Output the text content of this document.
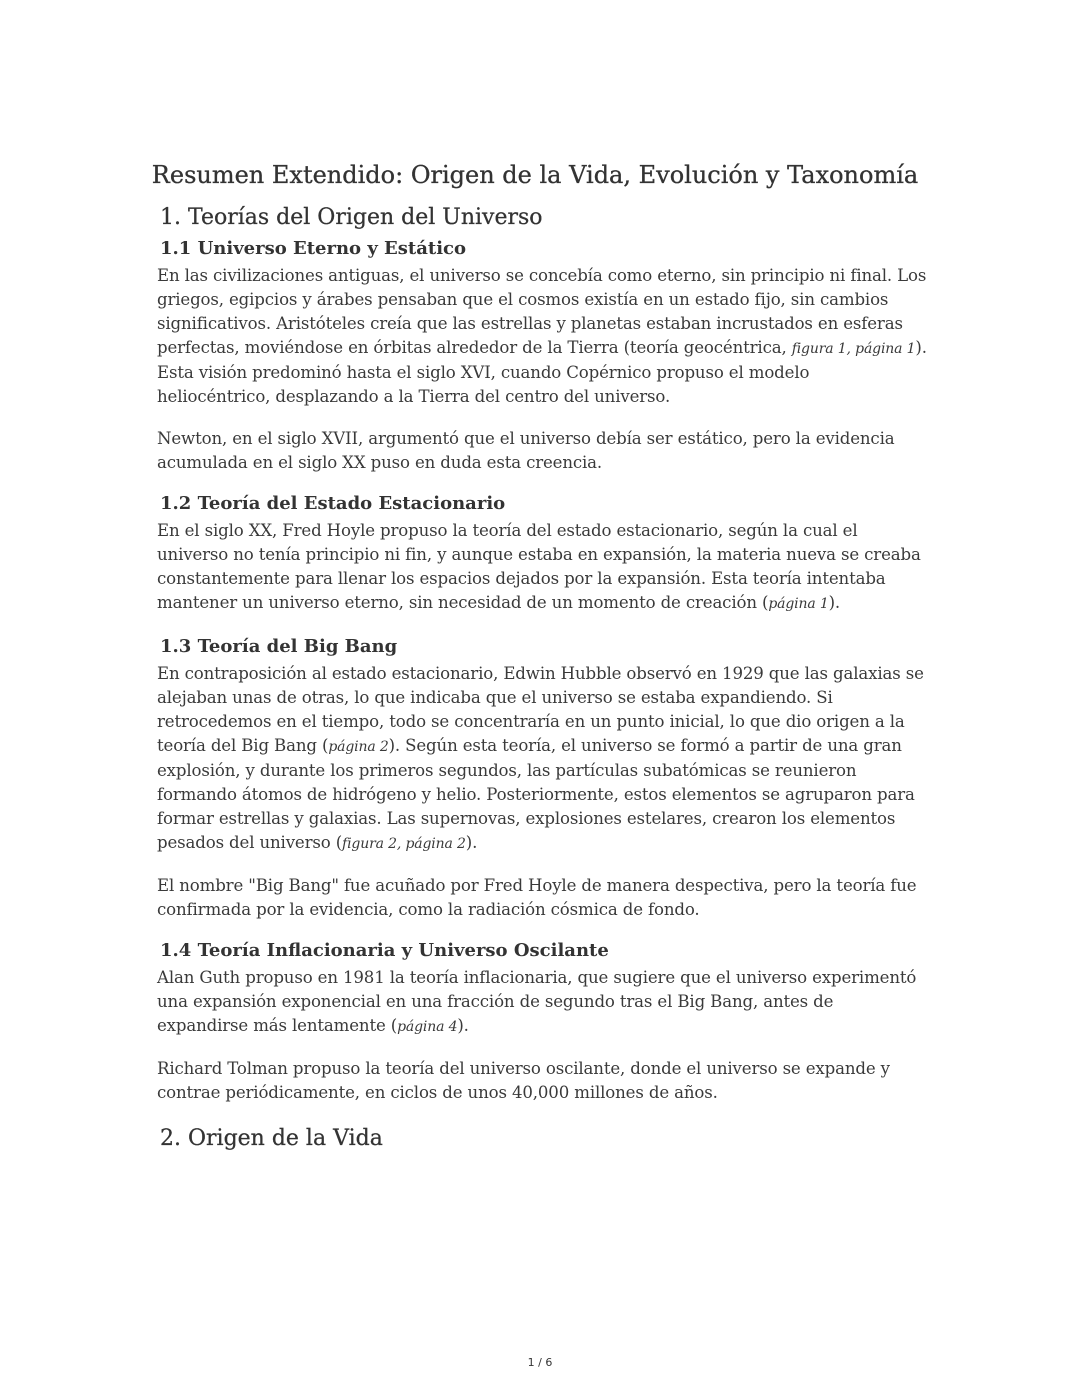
Resumen Extendido: Origen de la Vida, Evolución y Taxonomía
1. Teorías del Origen del Universo
1.1 Universo Eterno y Estático

En las civilizaciones antiguas, el universo se concebía como eterno, sin principio ni final. Los griegos, egipcios y árabes pensaban que el cosmos existía en un estado fijo, sin cambios significativos. Aristóteles creía que las estrellas y planetas estaban incrustados en esferas perfectas, moviéndose en órbitas alrededor de la Tierra (teoría geocéntrica, figura 1, página 1). Esta visión predominó hasta el siglo XVI, cuando Copérnico propuso el modelo heliocéntrico, desplazando a la Tierra del centro del universo.

Newton, en el siglo XVII, argumentó que el universo debía ser estático, pero la evidencia acumulada en el siglo XX puso en duda esta creencia.

1.2 Teoría del Estado Estacionario

En el siglo XX, Fred Hoyle propuso la teoría del estado estacionario, según la cual el universo no tenía principio ni fin, y aunque estaba en expansión, la materia nueva se creaba constantemente para llenar los espacios dejados por la expansión. Esta teoría intentaba mantener un universo eterno, sin necesidad de un momento de creación (página 1).

1.3 Teoría del Big Bang

En contraposición al estado estacionario, Edwin Hubble observó en 1929 que las galaxias se alejaban unas de otras, lo que indicaba que el universo se estaba expandiendo. Si retrocedemos en el tiempo, todo se concentraría en un punto inicial, lo que dio origen a la teoría del Big Bang (página 2). Según esta teoría, el universo se formó a partir de una gran explosión, y durante los primeros segundos, las partículas subatómicas se reunieron formando átomos de hidrógeno y helio. Posteriormente, estos elementos se agruparon para formar estrellas y galaxias. Las supernovas, explosiones estelares, crearon los elementos pesados del universo (figura 2, página 2).

El nombre "Big Bang" fue acuñado por Fred Hoyle de manera despectiva, pero la teoría fue confirmada por la evidencia, como la radiación cósmica de fondo.

1.4 Teoría Inflacionaria y Universo Oscilante

Alan Guth propuso en 1981 la teoría inflacionaria, que sugiere que el universo experimentó una expansión exponencial en una fracción de segundo tras el Big Bang, antes de expandirse más lentamente (página 4).

Richard Tolman propuso la teoría del universo oscilante, donde el universo se expande y contrae periódicamente, en ciclos de unos 40,000 millones de años.

2. Origen de la Vida
1 / 6
